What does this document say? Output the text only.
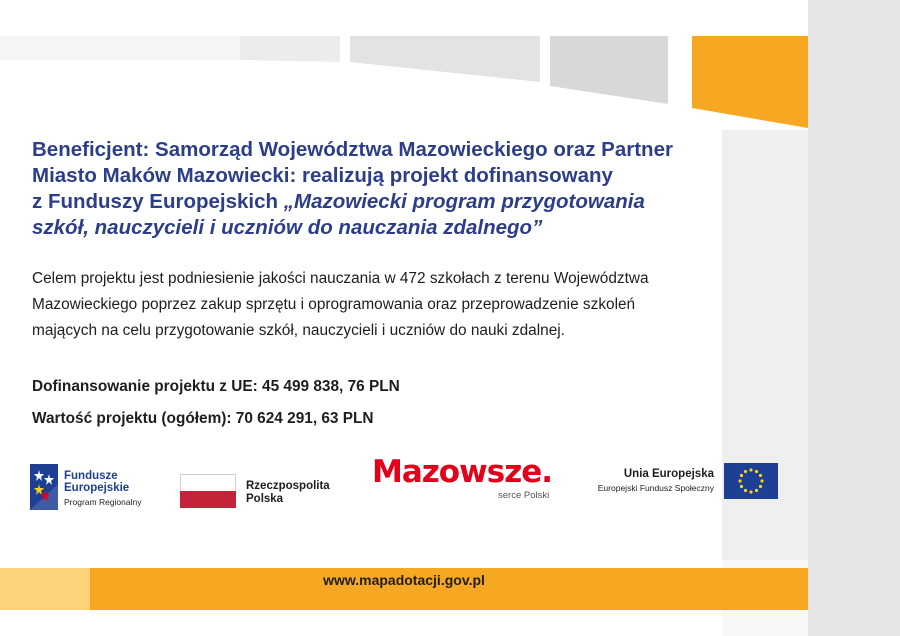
Beneficjent: Samorząd Województwa Mazowieckiego oraz Partner
Miasto Maków Mazowiecki: realizują projekt dofinansowany
z Funduszy Europejskich „Mazowiecki program przygotowania
szkół, nauczycieli i uczniów do nauczania zdalnego”
Celem projektu jest podniesienie jakości nauczania w 472 szkołach z terenu Województwa
Mazowieckiego poprzez zakup sprzętu i oprogramowania oraz przeprowadzenie szkoleń
mających na celu przygotowanie szkół, nauczycieli i uczniów do nauki zdalnej.
Dofinansowanie projektu z UE: 45 499 838, 76 PLN
Wartość projektu (ogółem): 70 624 291, 63 PLN
Fundusze
Europejskie
Program Regionalny
Rzeczpospolita
Polska
Mazowsze.
serce Polski
Unia Europejska
Europejski Fundusz Społeczny
www.mapadotacji.gov.pl
